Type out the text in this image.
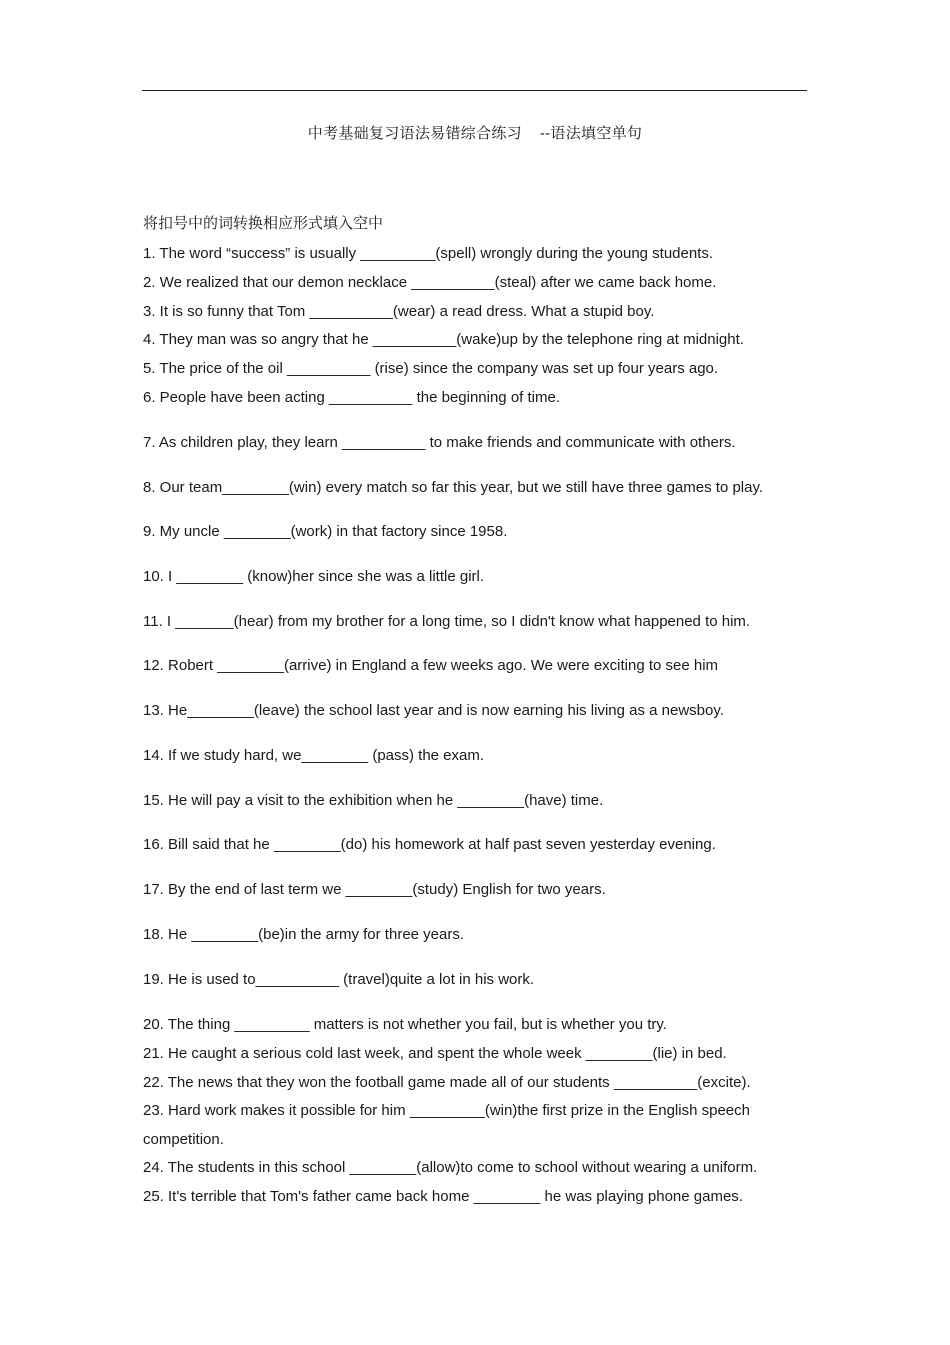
中考基础复习语法易错综合练习    --语法填空单句
将扣号中的词转换相应形式填入空中
1. The word “success” is usually _________(spell) wrongly during the young students.
2. We realized that our demon necklace __________(steal) after we came back home.
3. It is so funny that Tom __________(wear) a read dress. What a stupid boy.
4. They man was so angry that he __________(wake)up by the telephone ring at midnight.
5. The price of the oil __________ (rise) since the company was set up four years ago.
6. People have been acting __________ the beginning of time.
7. As children play, they learn __________ to make friends and communicate with others.
8. Our team________(win) every match so far this year, but we still have three games to play.
9. My uncle ________(work) in that factory since 1958.
10. I ________ (know)her since she was a little girl.
11. I _______(hear) from my brother for a long time, so I didn't know what happened to him.
12. Robert ________(arrive) in England a few weeks ago. We were exciting to see him
13. He________(leave) the school last year and is now earning his living as a newsboy.
14. If we study hard, we________ (pass) the exam.
15. He will pay a visit to the exhibition when he ________(have) time.
16. Bill said that he ________(do) his homework at half past seven yesterday evening.
17. By the end of last term we ________(study) English for two years.
18. He ________(be)in the army for three years.
19. He is used to__________ (travel)quite a lot in his work.
20. The thing _________ matters is not whether you fail, but is whether you try.
21. He caught a serious cold last week, and spent the whole week ________(lie) in bed.
22. The news that they won the football game made all of our students __________(excite).
23. Hard work makes it possible for him _________(win)the first prize in the English speech
competition.
24. The students in this school ________(allow)to come to school without wearing a uniform.
25. It's terrible that Tom's father came back home ________ he was playing phone games.
